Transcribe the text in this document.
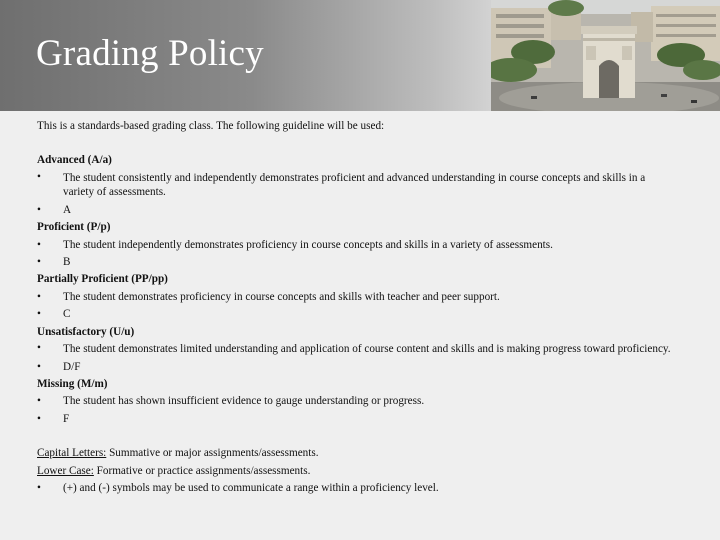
Grading Policy

This is a standards-based grading class. The following guideline will be used:

Advanced (A/a)

• The student consistently and independently demonstrates proficient and advanced understanding in course concepts and skills in a variety of assessments.
• A

Proficient (P/p)

• The student independently demonstrates proficiency in course concepts and skills in a variety of assessments.
• B

Partially Proficient (PP/pp)

• The student demonstrates proficiency in course concepts and skills with teacher and peer support.
• C

Unsatisfactory (U/u)

• The student demonstrates limited understanding and application of course content and skills and is making progress toward proficiency.
• D/F

Missing (M/m)

• The student has shown insufficient evidence to gauge understanding or progress.
• F

Capital Letters: Summative or major assignments/assessments.

Lower Case: Formative or practice assignments/assessments.

• (+) and (-) symbols may be used to communicate a range within a proficiency level.
